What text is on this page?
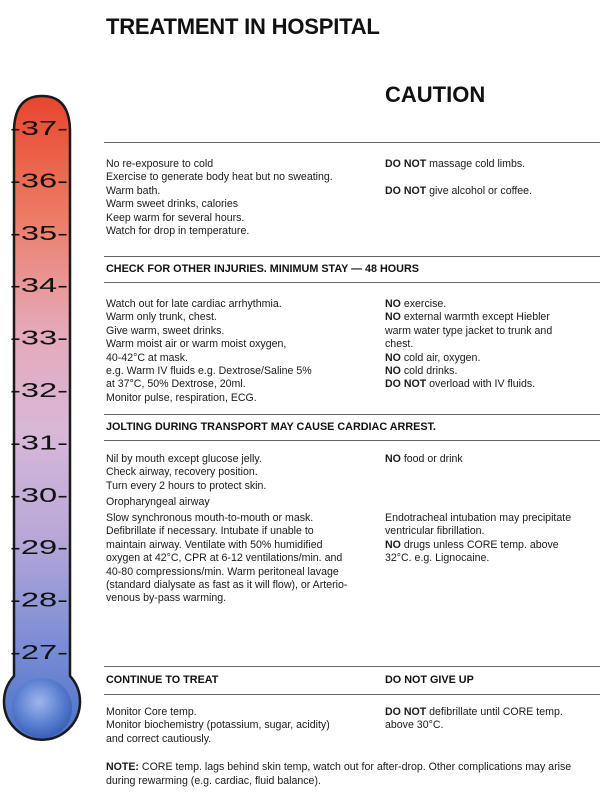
-37-
-36-
-35-
-34-
-33-
-32-
-31-
-30-
-29-
-28-
-27-
TREATMENT IN HOSPITAL
CAUTION
No re-exposure to cold
Exercise to generate body heat but no sweating.
Warm bath.
Warm sweet drinks, calories
Keep warm for several hours.
Watch for drop in temperature.
DO NOT massage cold limbs.

DO NOT give alcohol or coffee.
CHECK FOR OTHER INJURIES. MINIMUM STAY — 48 HOURS
Watch out for late cardiac arrhythmia.
Warm only trunk, chest.
Give warm, sweet drinks.
Warm moist air or warm moist oxygen,
40-42°C at mask.
e.g. Warm IV fluids e.g. Dextrose/Saline 5%
at 37°C, 50% Dextrose, 20ml.
Monitor pulse, respiration, ECG.
NO exercise.
NO external warmth except Hiebler
warm water type jacket to trunk and
chest.
NO cold air, oxygen.
NO cold drinks.
DO NOT overload with IV fluids.
JOLTING DURING TRANSPORT MAY CAUSE CARDIAC ARREST.
Nil by mouth except glucose jelly.
Check airway, recovery position.
Turn every 2 hours to protect skin.
Oropharyngeal airway
Slow synchronous mouth-to-mouth or mask.
Defibrillate if necessary. Intubate if unable to
maintain airway. Ventilate with 50% humidified
oxygen at 42°C, CPR at 6-12 ventilations/min. and
40-80 compressions/min. Warm peritoneal lavage
(standard dialysate as fast as it will flow), or Arterio-
venous by-pass warming.
NO food or drink
Endotracheal intubation may precipitate
ventricular fibrillation.
NO drugs unless CORE temp. above
32°C. e.g. Lignocaine.
CONTINUE TO TREAT	DO NOT GIVE UP
Monitor Core temp.
Monitor biochemistry (potassium, sugar, acidity)
and correct cautiously.
DO NOT defibrillate until CORE temp.
above 30°C.
NOTE: CORE temp. lags behind skin temp, watch out for after-drop. Other complications may arise during rewarming (e.g. cardiac, fluid balance).
